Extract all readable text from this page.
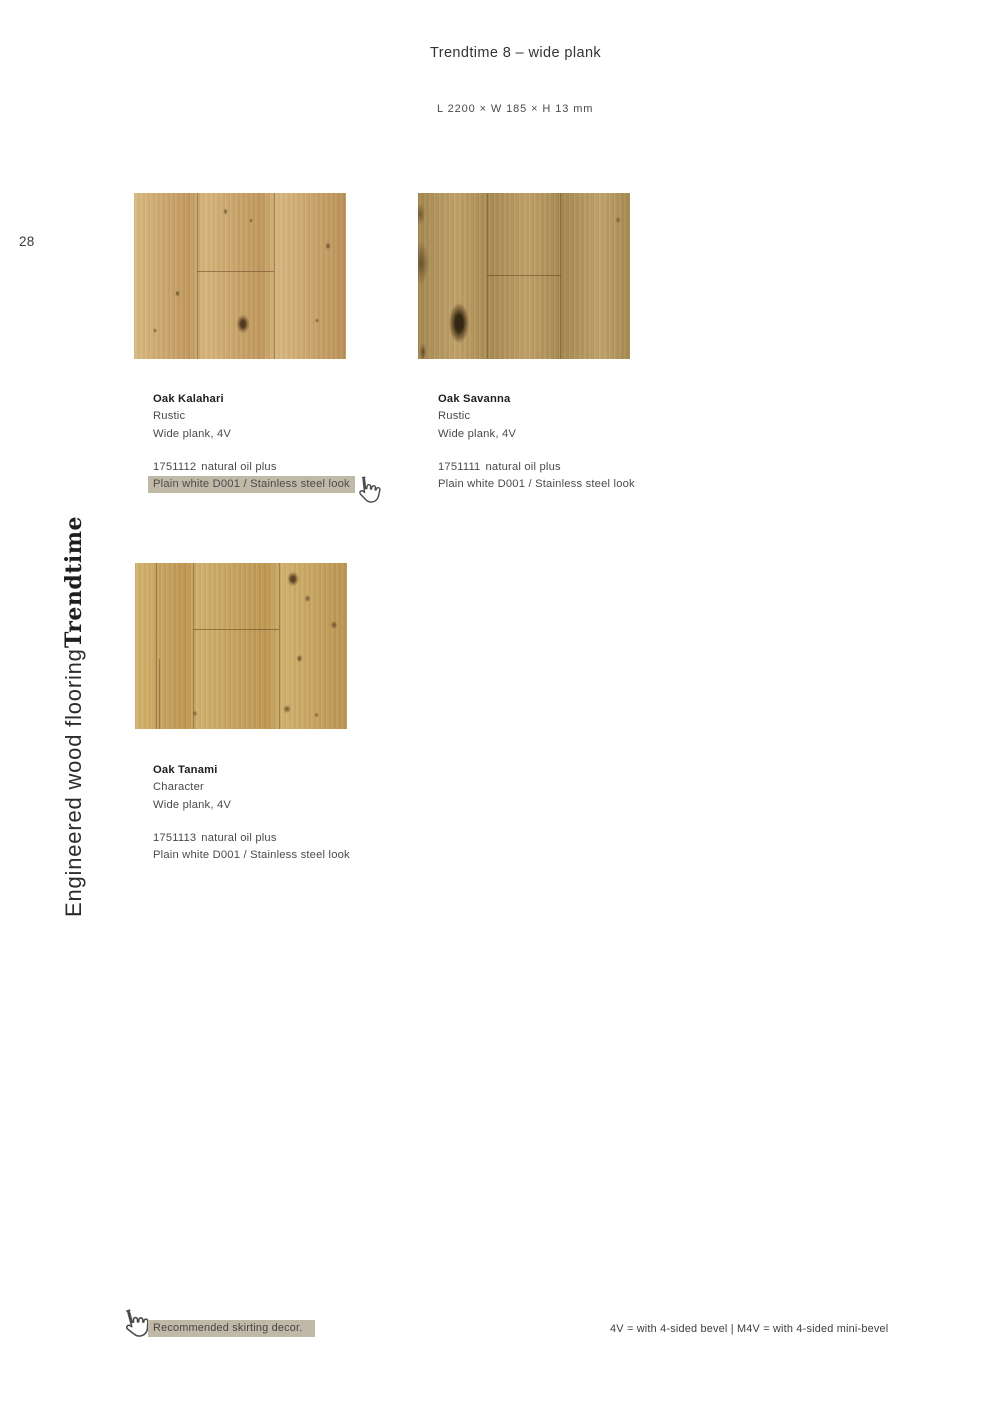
28
Trendtime 8 – wide plank
L 2200 × W 185 × H 13 mm
Engineered wood flooring
Trendtime
Oak Kalahari
Rustic
Wide plank, 4V
1751112 natural oil plus
Plain white D001 / Stainless steel look
Oak Savanna
Rustic
Wide plank, 4V
1751111 natural oil plus
Plain white D001 / Stainless steel look
Oak Tanami
Character
Wide plank, 4V
1751113 natural oil plus
Plain white D001 / Stainless steel look
Recommended skirting decor.	4V = with 4-sided bevel | M4V = with 4-sided mini-bevel
